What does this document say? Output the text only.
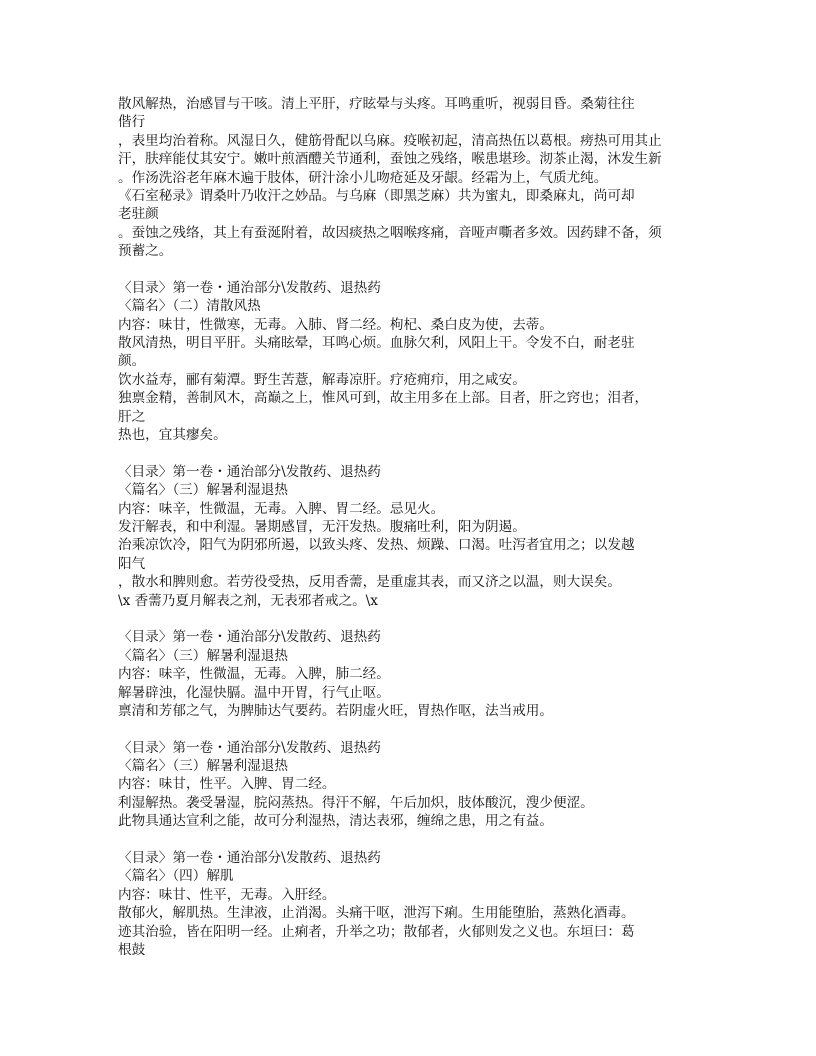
散风解热，治感冒与干咳。清上平肝，疗眩晕与头疼。耳鸣重听，视弱目昏。桑菊往往
偕行
，表里均治着称。风湿日久，健筋骨配以乌麻。疫喉初起，清高热伍以葛根。痨热可用其止
汗，肤痒能仗其安宁。嫩叶煎酒醴关节通利，蚕蚀之残络，喉患堪珍。沏茶止渴，沐发生新
。作汤洗浴老年麻木遍于肢体，研汁涂小儿吻疮延及牙龈。经霜为上，气质尤纯。
《石室秘录》谓桑叶乃收汗之妙品。与乌麻（即黑芝麻）共为蜜丸，即桑麻丸，尚可却
老驻颜
。蚕蚀之残络，其上有蚕涎附着，故因痰热之咽喉疼痛，音哑声嘶者多效。因药肆不备，须
预蓄之。
〈目录〉第一卷・通治部分\发散药、退热药
〈篇名〉（二）清散风热
内容：味甘，性微寒，无毒。入肺、肾二经。枸杞、桑白皮为使，去蒂。
散风清热，明目平肝。头痛眩晕，耳鸣心烦。血脉欠利，风阳上干。令发不白，耐老驻
颜。
饮水益寿，郦有菊潭。野生苦薏，解毒凉肝。疗疮痈疖，用之咸安。
独禀金精，善制风木，高巅之上，惟风可到，故主用多在上部。目者，肝之窍也；泪者，
肝之
热也，宜其瘳矣。
〈目录〉第一卷・通治部分\发散药、退热药
〈篇名〉（三）解暑利湿退热
内容：味辛，性微温，无毒。入脾、胃二经。忌见火。
发汗解表，和中利湿。暑期感冒，无汗发热。腹痛吐利，阳为阴遏。
治乘凉饮冷，阳气为阴邪所遏，以致头疼、发热、烦躁、口渴。吐泻者宜用之；以发越
阳气
，散水和脾则愈。若劳役受热，反用香薷，是重虚其表，而又济之以温，则大误矣。
\x 香薷乃夏月解表之剂，无表邪者戒之。\x
〈目录〉第一卷・通治部分\发散药、退热药
〈篇名〉（三）解暑利湿退热
内容：味辛，性微温，无毒。入脾，肺二经。
解暑辟浊，化湿快膈。温中开胃，行气止呕。
禀清和芳郁之气，为脾肺达气要药。若阴虚火旺，胃热作呕，法当戒用。
〈目录〉第一卷・通治部分\发散药、退热药
〈篇名〉（三）解暑利湿退热
内容：味甘，性平。入脾、胃二经。
利湿解热。袭受暑湿，脘闷蒸热。得汗不解，午后加炽，肢体酸沉，溲少便涩。
此物具通达宣利之能，故可分利湿热，清达表邪，缠绵之患，用之有益。
〈目录〉第一卷・通治部分\发散药、退热药
〈篇名〉（四）解肌
内容：味甘、性平，无毒。入肝经。
散郁火，解肌热。生津液，止消渴。头痛干呕，泄泻下痢。生用能堕胎，蒸熟化酒毒。
迹其治验，皆在阳明一经。止痢者，升举之功；散郁者，火郁则发之义也。东垣曰：葛
根鼓
